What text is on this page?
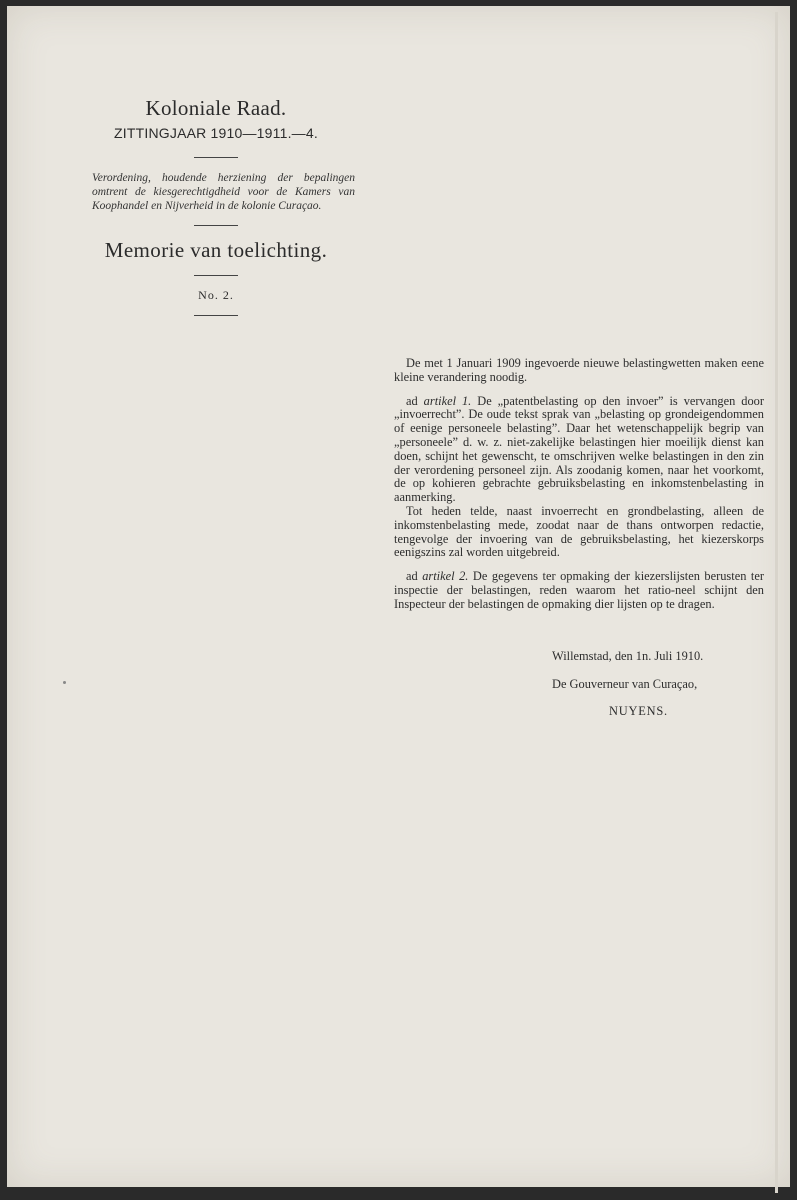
Koloniale Raad.
ZITTINGJAAR 1910—1911.—4.
Verordening, houdende herziening der bepalingen omtrent de kiesgerechtigdheid voor de Kamers van Koophandel en Nijverheid in de kolonie Curaçao.
Memorie van toelichting.
No. 2.

De met 1 Januari 1909 ingevoerde nieuwe belastingwetten maken eene kleine verandering noodig.

ad artikel 1. De „patentbelasting op den invoer” is vervangen door „invoerrecht”. De oude tekst sprak van „belasting op grondeigendommen of eenige personeele belasting”. Daar het wetenschappelijk begrip van „personeele” d. w. z. niet-zakelijke belastingen hier moeilijk dienst kan doen, schijnt het gewenscht, te omschrijven welke belastingen in den zin der verordening personeel zijn. Als zoodanig komen, naar het voorkomt, de op kohieren gebrachte gebruiksbelasting en inkomstenbelasting in aanmerking.

Tot heden telde, naast invoerrecht en grondbelasting, alleen de inkomstenbelasting mede, zoodat naar de thans ontworpen redactie, tengevolge der invoering van de gebruiksbelasting, het kiezerskorps eenigszins zal worden uitgebreid.

ad artikel 2. De gegevens ter opmaking der kiezerslijsten berusten ter inspectie der belastingen, reden waarom het ratio-neel schijnt den Inspecteur der belastingen de opmaking dier lijsten op te dragen.

Willemstad, den 1n. Juli 1910.
De Gouverneur van Curaçao,
NUYENS.
